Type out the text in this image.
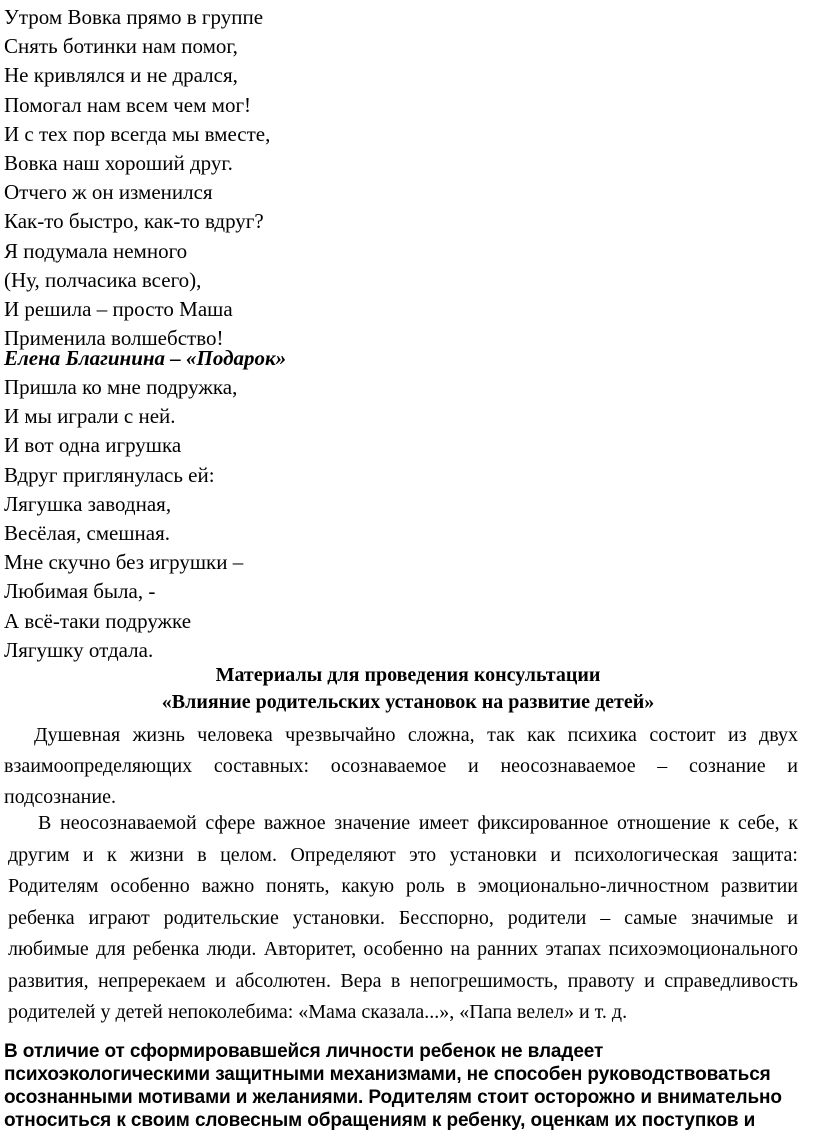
Утром Вовка прямо в группе
Снять ботинки нам помог,
Не кривлялся и не дрался,
Помогал нам всем чем мог!
И с тех пор всегда мы вместе,
Вовка наш хороший друг.
Отчего ж он изменился
Как-то быстро, как-то вдруг?
Я подумала немного
(Ну, полчасика всего),
И решила – просто Маша
Применила волшебство!
Елена Благинина – «Подарок»
Пришла ко мне подружка,
И мы играли с ней.
И вот одна игрушка
Вдруг приглянулась ей:
Лягушка заводная,
Весёлая, смешная.
Мне скучно без игрушки –
Любимая была, -
А всё-таки подружке
Лягушку отдала.
Материалы для проведения консультации
«Влияние родительских установок на развитие детей»

Душевная жизнь человека чрезвычайно сложна, так как психика состоит из двух взаимоопределяющих составных: осознаваемое и неосознаваемое – сознание и подсознание.

В неосознаваемой сфере важное значение имеет фиксированное отношение к себе, к другим и к жизни в целом. Определяют это установки и психологическая защита: Родителям особенно важно понять, какую роль в эмоционально-личностном развитии ребенка играют родительские установки. Бесспорно, родители – самые значимые и любимые для ребенка люди. Авторитет, особенно на ранних этапах психоэмоционального развития, непререкаем и абсолютен. Вера в непогрешимость, правоту и справедливость родителей у детей непоколебима: «Мама сказала...», «Папа велел» и т. д.

В отличие от сформировавшейся личности ребенок не владеет психоэкологическими защитными механизмами, не способен руководствоваться осознанными мотивами и желаниями. Родителям стоит осторожно и внимательно относиться к своим словесным обращениям к ребенку, оценкам их поступков и
